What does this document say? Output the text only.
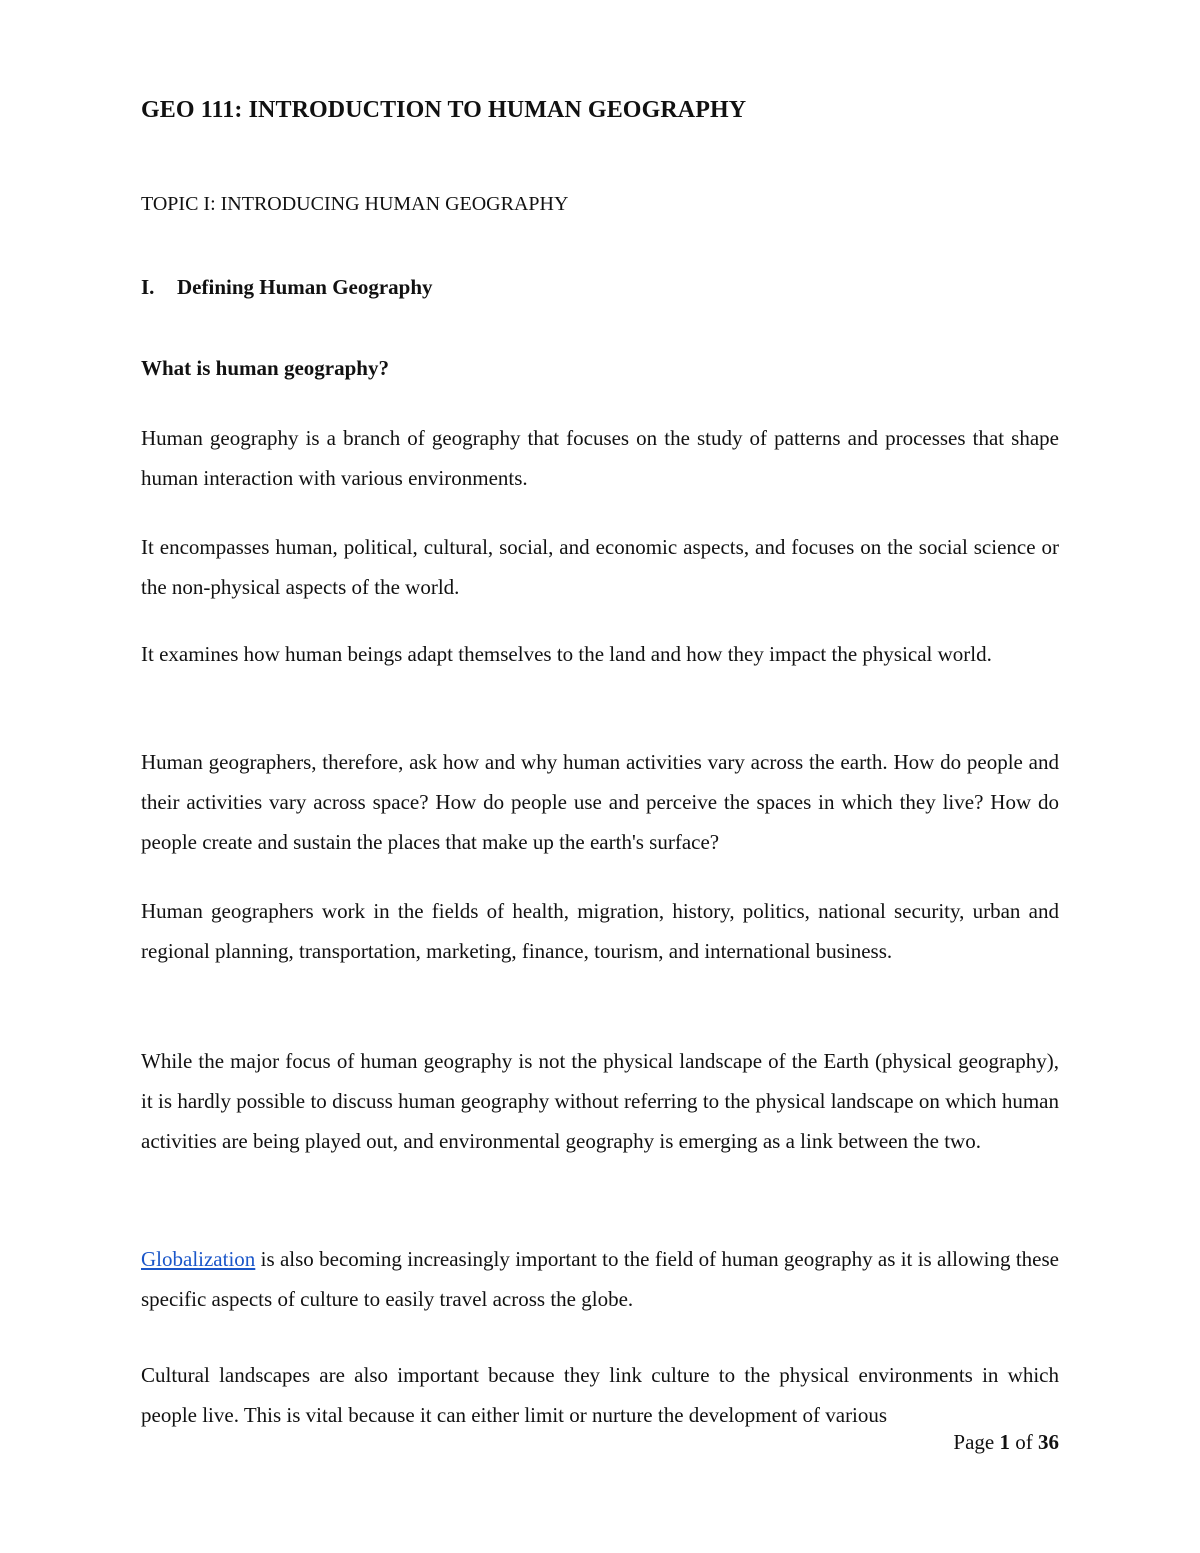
GEO 111: INTRODUCTION TO HUMAN GEOGRAPHY
TOPIC I: INTRODUCING HUMAN GEOGRAPHY
I. Defining Human Geography
What is human geography?
Human geography is a branch of geography that focuses on the study of patterns and processes that shape human interaction with various environments.
It encompasses human, political, cultural, social, and economic aspects, and focuses on the social science or the non-physical aspects of the world.
It examines how human beings adapt themselves to the land and how they impact the physical world.
Human geographers, therefore, ask how and why human activities vary across the earth. How do people and their activities vary across space? How do people use and perceive the spaces in which they live? How do people create and sustain the places that make up the earth's surface?
Human geographers work in the fields of health, migration, history, politics, national security, urban and regional planning, transportation, marketing, finance, tourism, and international business.
While the major focus of human geography is not the physical landscape of the Earth (physical geography), it is hardly possible to discuss human geography without referring to the physical landscape on which human activities are being played out, and environmental geography is emerging as a link between the two.
Globalization is also becoming increasingly important to the field of human geography as it is allowing these specific aspects of culture to easily travel across the globe.
Cultural landscapes are also important because they link culture to the physical environments in which people live. This is vital because it can either limit or nurture the development of various
Page 1 of 36
